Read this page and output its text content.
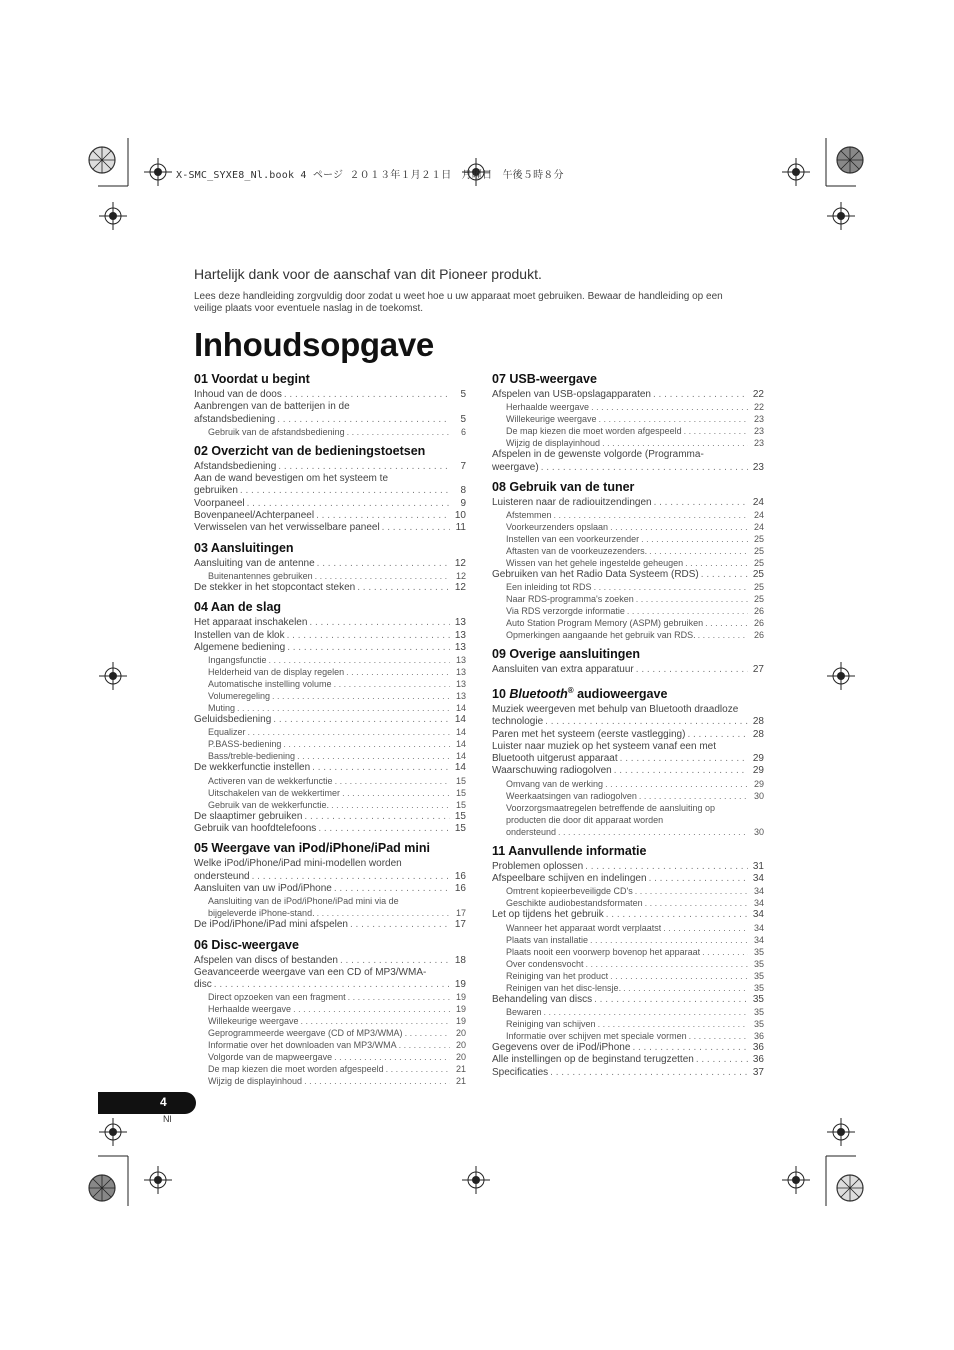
X-SMC_SYXE8_Nl.book 4 ページ ２０１３年１月２１日　月曜日　午後５時８分
Hartelijk dank voor de aanschaf van dit Pioneer produkt.
Lees deze handleiding zorgvuldig door zodat u weet hoe u uw apparaat moet gebruiken. Bewaar de handleiding op een
veilige plaats voor eventuele naslag in de toekomst.
Inhoudsopgave
01 Voordat u begint
Inhoud van de doos . . .	5
Aanbrengen van de batterijen in de
afstandsbediening . . .	5
Gebruik van de afstandsbediening . . .	6
02 Overzicht van de bedieningstoetsen
Afstandsbediening . . .	7
Aan de wand bevestigen om het systeem te
gebruiken . . .	8
Voorpaneel . . .	9
Bovenpaneel/Achterpaneel . . .	10
Verwisselen van het verwisselbare paneel . . .	11
03 Aansluitingen
Aansluiting van de antenne . . .	12
Buitenantennes gebruiken . . .	12
De stekker in het stopcontact steken . . .	12
04 Aan de slag
Het apparaat inschakelen . . .	13
Instellen van de klok . . .	13
Algemene bediening . . .	13
Ingangsfunctie . . .	13
Helderheid van de display regelen . . .	13
Automatische instelling volume . . .	13
Volumeregeling . . .	13
Muting . . .	14
Geluidsbediening . . .	14
Equalizer . . .	14
P.BASS-bediening . . .	14
Bass/treble-bediening . . .	14
De wekkerfunctie instellen . . .	14
Activeren van de wekkerfunctie . . .	15
Uitschakelen van de wekkertimer . . .	15
Gebruik van de wekkerfunctie. . . .	15
De slaaptimer gebruiken . . .	15
Gebruik van hoofdtelefoons . . .	15
05 Weergave van iPod/iPhone/iPad mini
Welke iPod/iPhone/iPad mini-modellen worden
ondersteund . . .	16
Aansluiten van uw iPod/iPhone . . .	16
Aansluiting van de iPod/iPhone/iPad mini via de
bijgeleverde iPhone-stand. . . .	17
De iPod/iPhone/iPad mini afspelen . . .	17
06 Disc-weergave
Afspelen van discs of bestanden . . .	18
Geavanceerde weergave van een CD of MP3/WMA-
disc . . .	19
Direct opzoeken van een fragment . . .	19
Herhaalde weergave . . .	19
Willekeurige weergave . . .	19
Geprogrammeerde weergave (CD of MP3/WMA) . . .	20
Informatie over het downloaden van MP3/WMA . . .	20
Volgorde van de mapweergave . . .	20
De map kiezen die moet worden afgespeeld . . .	21
Wijzig de displayinhoud . . .	21
07 USB-weergave
Afspelen van USB-opslagapparaten . . .	22
Herhaalde weergave . . .	22
Willekeurige weergave . . .	23
De map kiezen die moet worden afgespeeld . . .	23
Wijzig de displayinhoud . . .	23
Afspelen in de gewenste volgorde (Programma-
weergave) . . .	23
08 Gebruik van de tuner
Luisteren naar de radiouitzendingen . . .	24
Afstemmen . . .	24
Voorkeurzenders opslaan . . .	24
Instellen van een voorkeurzender . . .	25
Aftasten van de voorkeuzezenders. . . .	25
Wissen van het gehele ingestelde geheugen . . .	25
Gebruiken van het Radio Data Systeem (RDS) . . .	25
Een inleiding tot RDS . . .	25
Naar RDS-programma's zoeken . . .	25
Via RDS verzorgde informatie . . .	26
Auto Station Program Memory (ASPM) gebruiken . . .	26
Opmerkingen aangaande het gebruik van RDS. . . .	26
09 Overige aansluitingen
Aansluiten van extra apparatuur . . .	27
10 Bluetooth® audioweergave
Muziek weergeven met behulp van Bluetooth draadloze
technologie . . .	28
Paren met het systeem (eerste vastlegging) . . .	28
Luister naar muziek op het systeem vanaf een met
Bluetooth uitgerust apparaat . . .	29
Waarschuwing radiogolven . . .	29
Omvang van de werking . . .	29
Weerkaatsingen van radiogolven . . .	30
Voorzorgsmaatregelen betreffende de aansluiting op
producten die door dit apparaat worden
ondersteund . . .	30
11 Aanvullende informatie
Problemen oplossen . . .	31
Afspeelbare schijven en indelingen . . .	34
Omtrent kopieerbeveiligde CD's . . .	34
Geschikte audiobestandsformaten . . .	34
Let op tijdens het gebruik . . .	34
Wanneer het apparaat wordt verplaatst . . .	34
Plaats van installatie . . .	34
Plaats nooit een voorwerp bovenop het apparaat . . .	35
Over condensvocht . . .	35
Reiniging van het product . . .	35
Reinigen van het disc-lensje. . . .	35
Behandeling van discs . . .	35
Bewaren . . .	35
Reiniging van schijven . . .	35
Informatie over schijven met speciale vormen . . .	36
Gegevens over de iPod/iPhone . . .	36
Alle instellingen op de beginstand terugzetten . . .	36
Specificaties . . .	37
4
Nl
